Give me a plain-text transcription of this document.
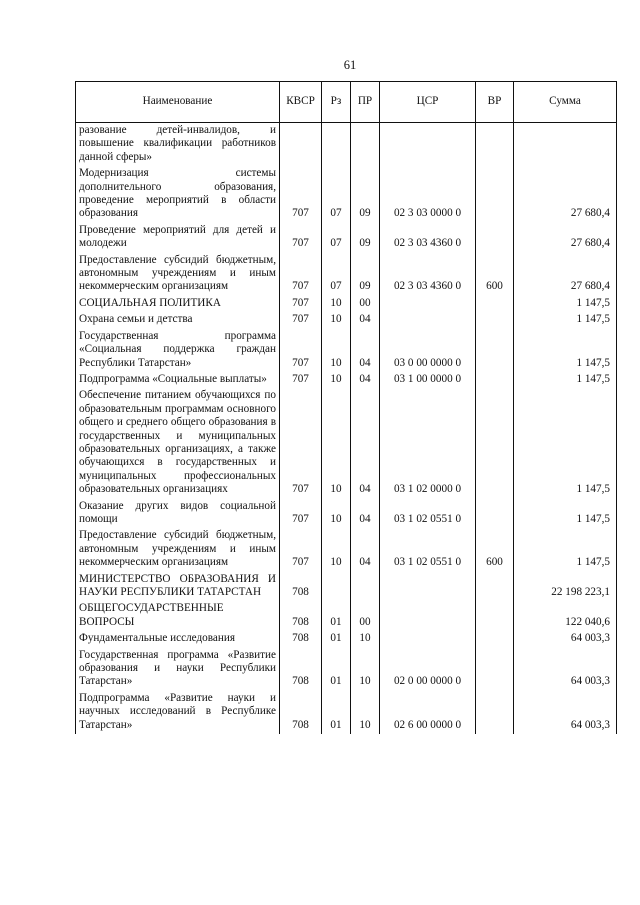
61
Наименование	КВСР	Рз	ПР	ЦСР	ВР	Сумма
разование детей-инвалидов, и повышение квалификации работников данной сферы»						
Модернизация системы дополнительного образования, проведение мероприятий в области образования	707	07	09	02 3 03 0000 0		27 680,4
Проведение мероприятий для детей и молодежи	707	07	09	02 3 03 4360 0		27 680,4
Предоставление субсидий бюджетным, автономным учреждениям и иным некоммерческим организациям	707	07	09	02 3 03 4360 0	600	27 680,4
СОЦИАЛЬНАЯ ПОЛИТИКА	707	10	00			1 147,5
Охрана семьи и детства	707	10	04			1 147,5
Государственная программа «Социальная поддержка граждан Республики Татарстан»	707	10	04	03 0 00 0000 0		1 147,5
Подпрограмма «Социальные выплаты»	707	10	04	03 1 00 0000 0		1 147,5
Обеспечение питанием обучающихся по образовательным программам основного общего и среднего общего образования в государственных и муниципальных образовательных организациях, а также обучающихся в государственных и муниципальных профессиональных образовательных организациях	707	10	04	03 1 02 0000 0		1 147,5
Оказание других видов социальной помощи	707	10	04	03 1 02 0551 0		1 147,5
Предоставление субсидий бюджетным, автономным учреждениям и иным некоммерческим организациям	707	10	04	03 1 02 0551 0	600	1 147,5
МИНИСТЕРСТВО ОБРАЗОВАНИЯ И НАУКИ РЕСПУБЛИКИ ТАТАРСТАН	708					22 198 223,1
ОБЩЕГОСУДАРСТВЕННЫЕ ВОПРОСЫ	708	01	00			122 040,6
Фундаментальные исследования	708	01	10			64 003,3
Государственная программа «Развитие образования и науки Республики Татарстан»	708	01	10	02 0 00 0000 0		64 003,3
Подпрограмма «Развитие науки и научных исследований в Республике Татарстан»	708	01	10	02 6 00 0000 0		64 003,3
